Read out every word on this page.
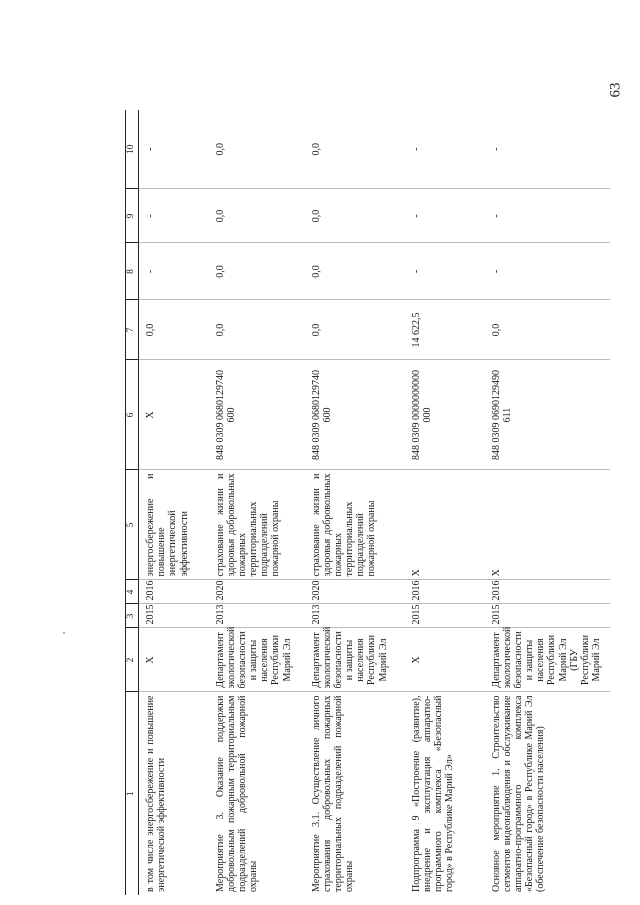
63
1	2	3	4	5	6	7	8	9	10
в том числе энергосбережение и повышение энергетической эффективности	X	2015	2016	энергосбережение и повышение энергетической эффективности	X	0,0	-	-	-
Мероприятие 3. Оказание поддержки добровольным пожарным территориальным подразделений добровольной пожарной охраны	Департамент экологической безопасности и защиты населения Республики Марий Эл	2013	2020	страхование жизни и здоровья добровольных пожарных территориальных подразделений пожарной охраны	848 0309 0680129740 600	0,0	0,0	0,0	0,0
Мероприятие 3.1. Осуществление личного страхования добровольных пожарных территориальных подразделений пожарной охраны	Департамент экологической безопасности и защиты населения Республики Марий Эл	2013	2020	страхование жизни и здоровья добровольных пожарных территориальных подразделений пожарной охраны	848 0309 0680129740 600	0,0	0,0	0,0	0,0
Подпрограмма 9 «Построение (развитие), внедрение и эксплуатация аппаратно-программного комплекса «Безопасный город» в Республике Марий Эл»	X	2015	2016	X	848 0309 0000000000 000	14 622,5	-	-	-
Основное мероприятие 1. Строительство сегментов видеонаблюдения и обслуживание аппаратно-программного комплекса «Безопасный город» в Республике Марий Эл (обеспечение безопасности населения)	Департамент экологической безопасности и защиты населения Республики Марий Эл (ГБУ Республики Марий Эл	2015	2016	X	848 0309 0690129490 611	0,0	-	-	-
